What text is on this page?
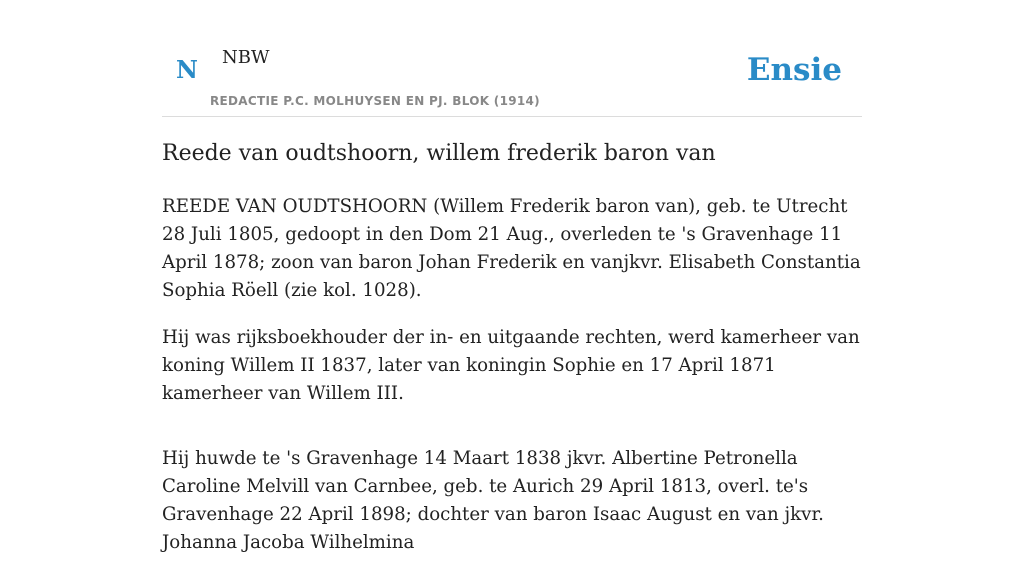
N NBW
REDACTIE P.C. MOLHUYSEN EN PJ. BLOK (1914)
Ensie
Reede van oudtshoorn, willem frederik baron van

REEDE VAN OUDTSHOORN (Willem Frederik baron van), geb. te Utrecht 28 Juli 1805, gedoopt in den Dom 21 Aug., overleden te 's Gravenhage 11 April 1878; zoon van baron Johan Frederik en vanjkvr. Elisabeth Constantia Sophia Röell (zie kol. 1028).

Hij was rijksboekhouder der in- en uitgaande rechten, werd kamerheer van koning Willem II 1837, later van koningin Sophie en 17 April 1871 kamerheer van Willem III.

Hij huwde te 's Gravenhage 14 Maart 1838 jkvr. Albertine Petronella Caroline Melvill van Carnbee, geb. te Aurich 29 April 1813, overl. te's Gravenhage 22 April 1898; dochter van baron Isaac August en van jkvr. Johanna Jacoba Wilhelmina
